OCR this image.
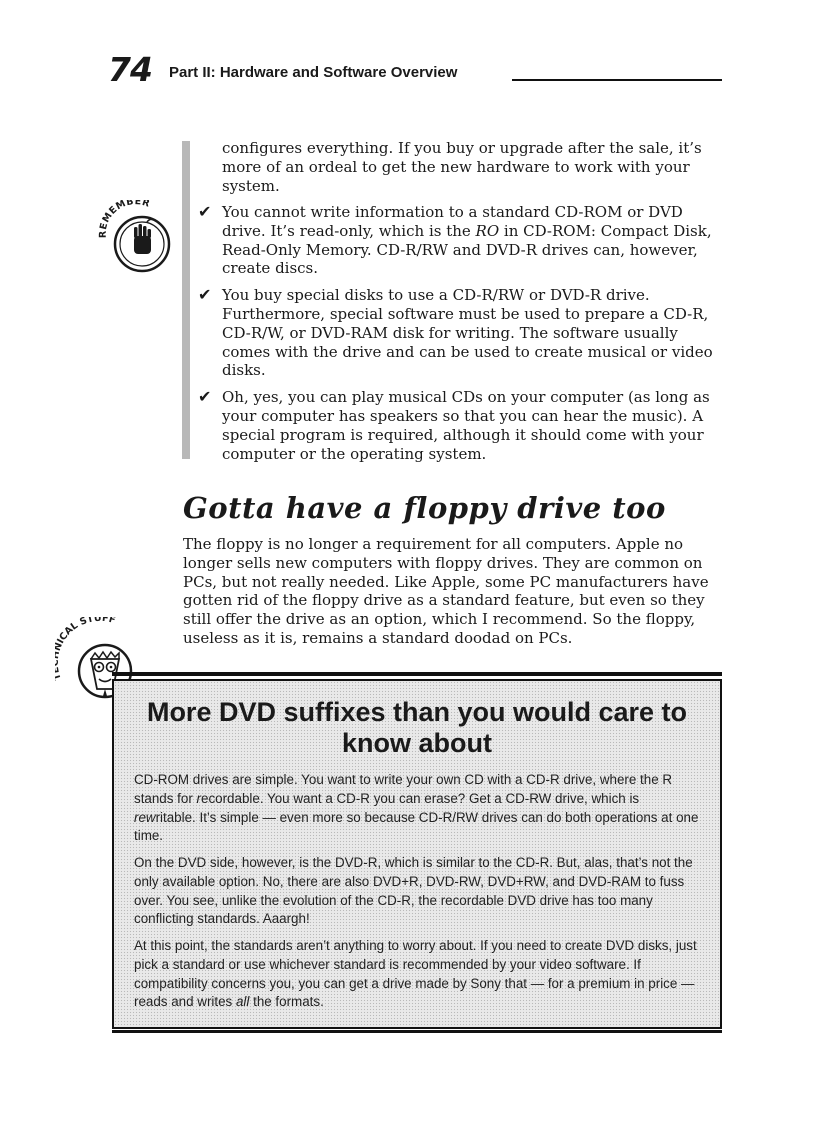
74 Part II: Hardware and Software Overview
REMEMBER

configures everything. If you buy or upgrade after the sale, it’s more of an ordeal to get the new hardware to work with your system.

✔ You cannot write information to a standard CD-ROM or DVD drive. It’s read-only, which is the RO in CD-ROM: Compact Disk, Read-Only Memory. CD-R/RW and DVD-R drives can, however, create discs.
✔ You buy special disks to use a CD-R/RW or DVD-R drive. Furthermore, special software must be used to prepare a CD-R, CD-R/W, or DVD-RAM disk for writing. The software usually comes with the drive and can be used to create musical or video disks.
✔ Oh, yes, you can play musical CDs on your computer (as long as your computer has speakers so that you can hear the music). A special program is required, although it should come with your computer or the operating system.
Gotta have a floppy drive too

The floppy is no longer a requirement for all computers. Apple no longer sells new computers with floppy drives. They are common on PCs, but not really needed. Like Apple, some PC manufacturers have gotten rid of the floppy drive as a standard feature, but even so they still offer the drive as an option, which I recommend. So the floppy, useless as it is, remains a standard doodad on PCs.

ICAL STUFF
More DVD suffixes than you would care to know about

CD-ROM drives are simple. You want to write your own CD with a CD-R drive, where the R stands for recordable. You want a CD-R you can erase? Get a CD-RW drive, which is rewritable. It’s simple — even more so because CD-R/RW drives can do both operations at one time.

On the DVD side, however, is the DVD-R, which is similar to the CD-R. But, alas, that’s not the only available option. No, there are also DVD+R, DVD-RW, DVD+RW, and DVD-RAM to fuss over. You see, unlike the evolution of the CD-R, the recordable DVD drive has too many conflicting standards. Aaargh!

At this point, the standards aren’t anything to worry about. If you need to create DVD disks, just pick a standard or use whichever standard is recommended by your video software. If compatibility concerns you, you can get a drive made by Sony that — for a premium in price — reads and writes all the formats.
